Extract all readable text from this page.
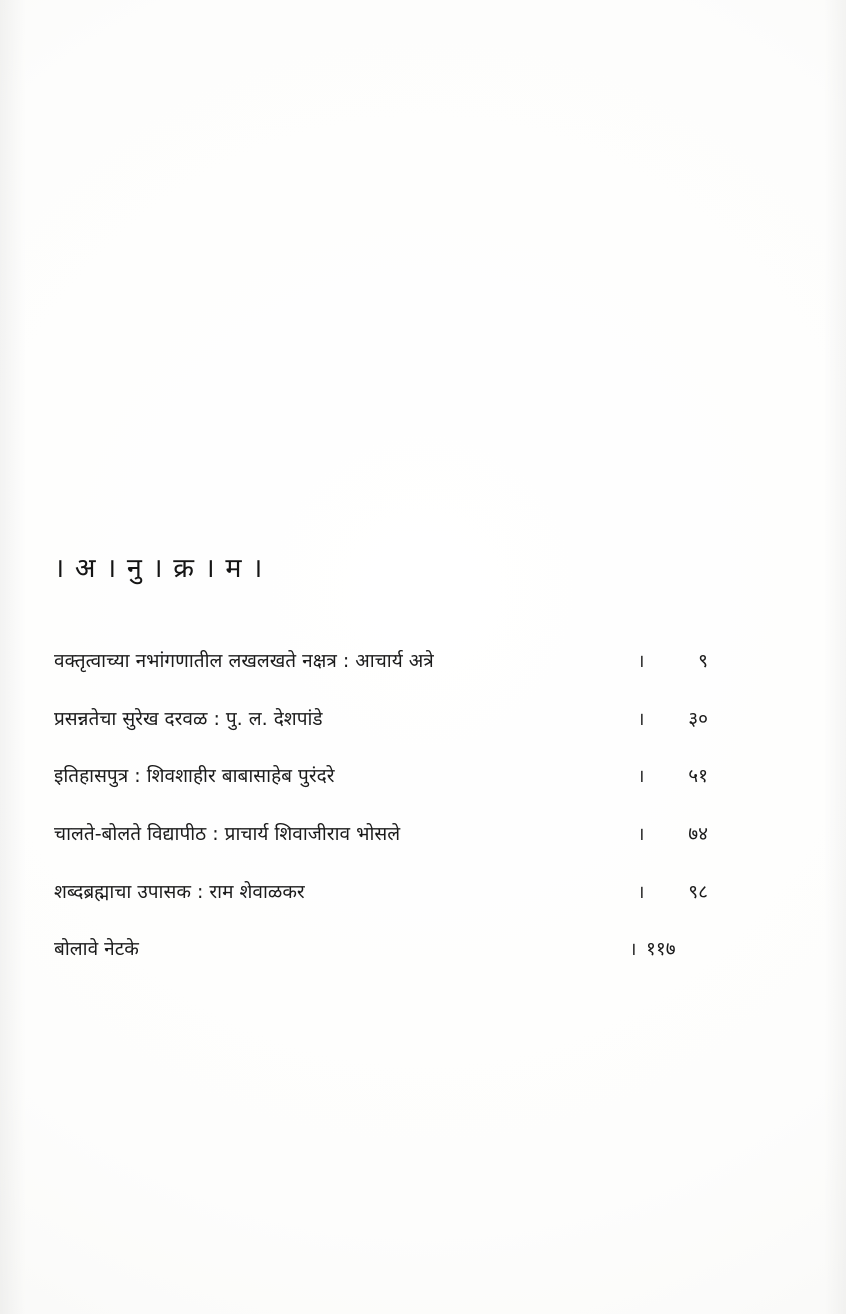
। अ । नु । क्र । म ।
वक्तृत्वाच्या नभांगणातील लखलखते नक्षत्र : आचार्य अत्रे	।	९
प्रसन्नतेचा सुरेख दरवळ : पु. ल. देशपांडे	।	३०
इतिहासपुत्र : शिवशाहीर बाबासाहेब पुरंदरे	।	५१
चालते-बोलते विद्यापीठ : प्राचार्य शिवाजीराव भोसले	।	७४
शब्दब्रह्माचा उपासक : राम शेवाळकर	।	९८
बोलावे नेटके	। ११७
